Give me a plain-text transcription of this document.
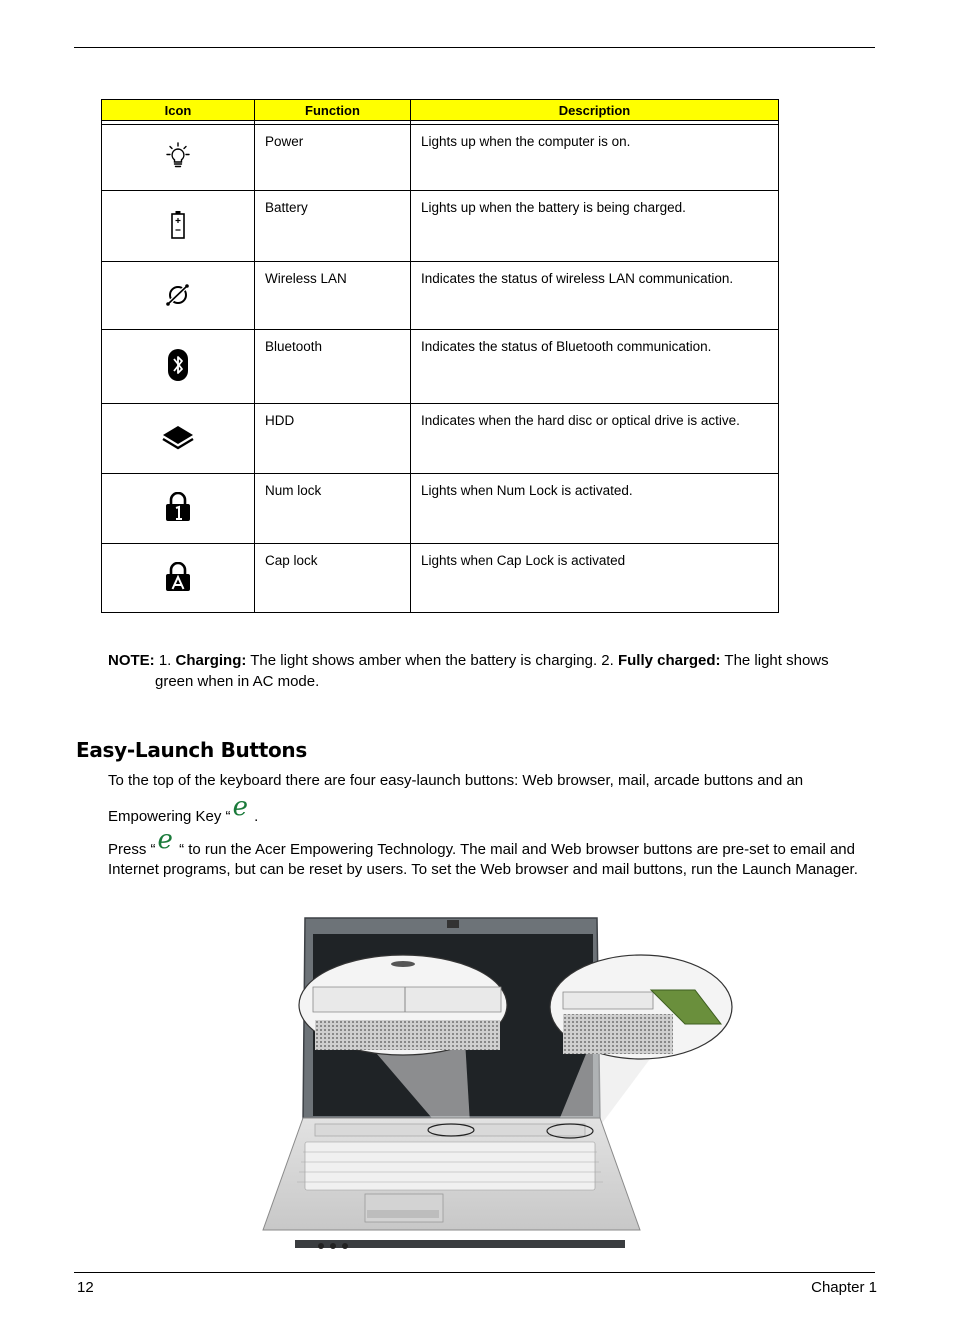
Icon	Function	Description

	Power	Lights up when the computer is on.
	Battery	Lights up when the battery is being charged.
	Wireless LAN	Indicates the status of wireless LAN communication.
	Bluetooth	Indicates the status of Bluetooth communication.
	HDD	Indicates when the hard disc or optical drive is active.
	Num lock	Lights when Num Lock is activated.
	Cap lock	Lights when Cap Lock is activated
NOTE: 1. Charging: The light shows amber when the battery is charging. 2. Fully charged: The light shows
green when in AC mode.
Easy-Launch Buttons

To the top of the keyboard there are four easy-launch buttons: Web browser, mail, arcade buttons and an
Empowering Key “e .

Press “e “ to run the Acer Empowering Technology. The mail and Web browser buttons are pre-set to email and Internet programs, but can be reset by users. To set the Web browser and mail buttons, run the Launch Manager.

12	Chapter 1
